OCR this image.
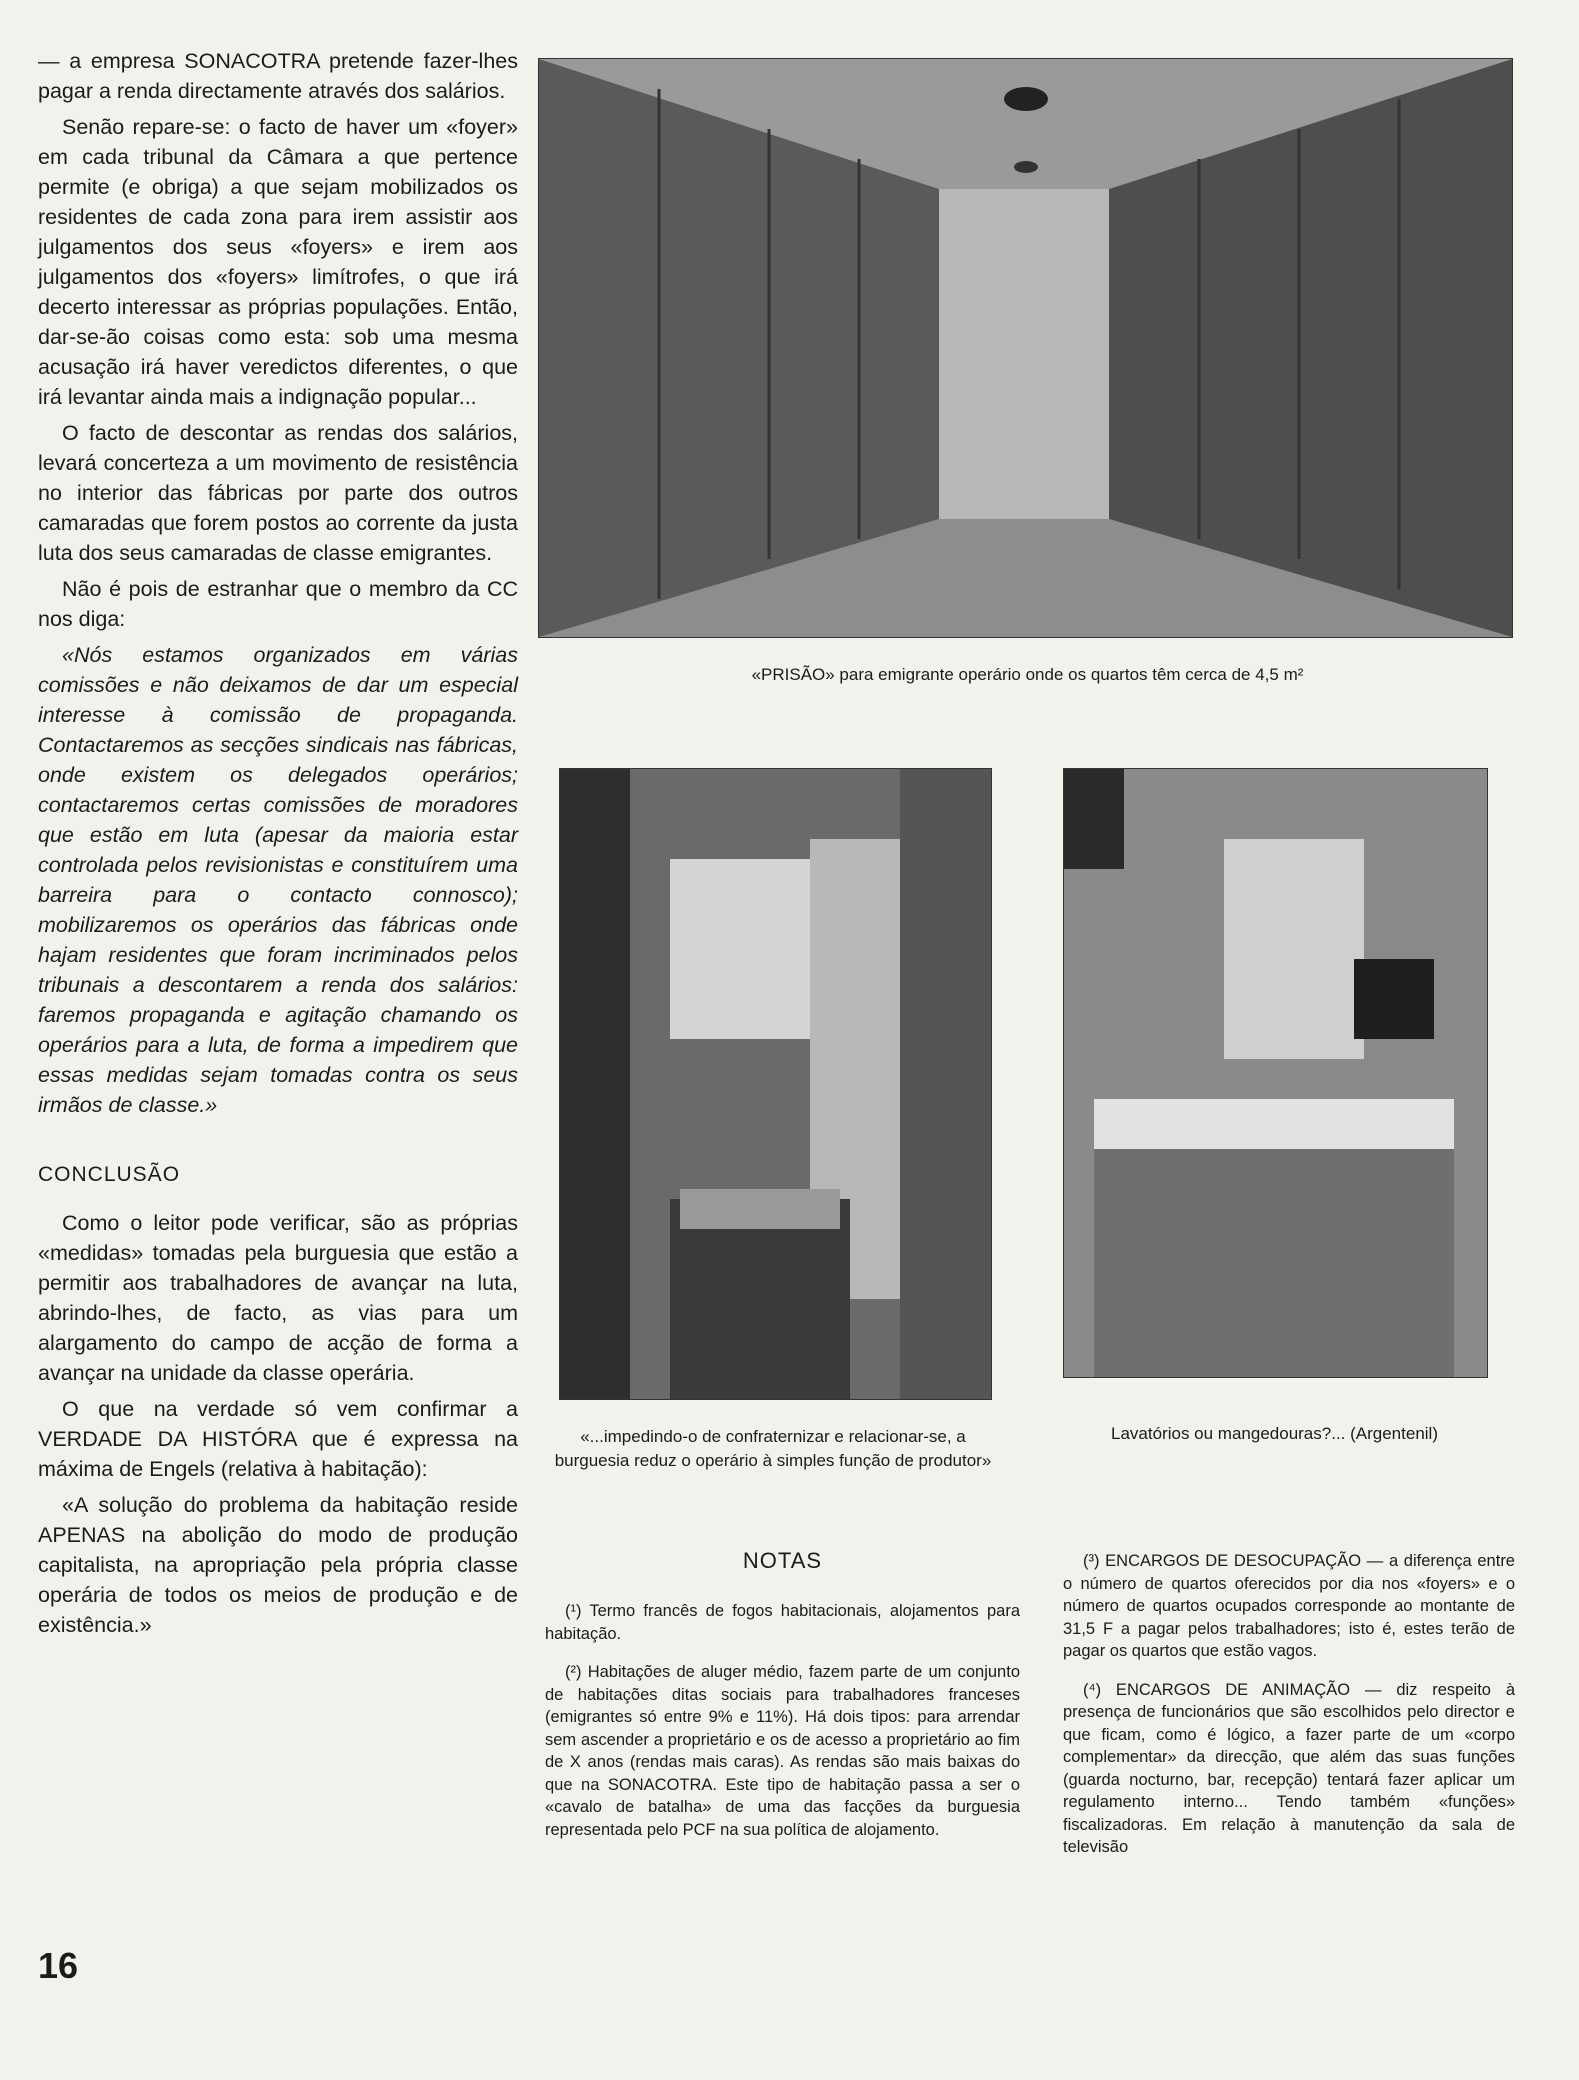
— a empresa SONACOTRA pretende fazer-lhes pagar a renda directamente através dos salários.

Senão repare-se: o facto de haver um «foyer» em cada tribunal da Câmara a que pertence permite (e obriga) a que sejam mobilizados os residentes de cada zona para irem assistir aos julgamentos dos seus «foyers» e irem aos julgamentos dos «foyers» limítrofes, o que irá decerto interessar as próprias populações. Então, dar-se-ão coisas como esta: sob uma mesma acusação irá haver veredictos diferentes, o que irá levantar ainda mais a indignação popular...

O facto de descontar as rendas dos salários, levará concerteza a um movimento de resistência no interior das fábricas por parte dos outros camaradas que forem postos ao corrente da justa luta dos seus camaradas de classe emigrantes.

Não é pois de estranhar que o membro da CC nos diga:

«Nós estamos organizados em várias comissões e não deixamos de dar um especial interesse à comissão de propaganda. Contactaremos as secções sindicais nas fábricas, onde existem os delegados operários; contactaremos certas comissões de moradores que estão em luta (apesar da maioria estar controlada pelos revisionistas e constituírem uma barreira para o contacto connosco); mobilizaremos os operários das fábricas onde hajam residentes que foram incriminados pelos tribunais a descontarem a renda dos salários: faremos propaganda e agitação chamando os operários para a luta, de forma a impedirem que essas medidas sejam tomadas contra os seus irmãos de classe.»

CONCLUSÃO

Como o leitor pode verificar, são as próprias «medidas» tomadas pela burguesia que estão a permitir aos trabalhadores de avançar na luta, abrindo-lhes, de facto, as vias para um alargamento do campo de acção de forma a avançar na unidade da classe operária.

O que na verdade só vem confirmar a VERDADE DA HISTÓRA que é expressa na máxima de Engels (relativa à habitação):

«A solução do problema da habitação reside APENAS na abolição do modo de produção capitalista, na apropriação pela própria classe operária de todos os meios de produção e de existência.»

16
«PRISÃO» para emigrante operário onde os quartos têm cerca de 4,5 m²
«...impedindo-o de confraternizar e relacionar-se, a burguesia reduz o operário à simples função de produtor»
Lavatórios ou mangedouras?... (Argentenil)
NOTAS

(¹) Termo francês de fogos habitacionais, alojamentos para habitação.

(²) Habitações de aluger médio, fazem parte de um conjunto de habitações ditas sociais para trabalhadores franceses (emigrantes só entre 9% e 11%). Há dois tipos: para arrendar sem ascender a proprietário e os de acesso a proprietário ao fim de X anos (rendas mais caras). As rendas são mais baixas do que na SONACOTRA. Este tipo de habitação passa a ser o «cavalo de batalha» de uma das facções da burguesia representada pelo PCF na sua política de alojamento.

(³) ENCARGOS DE DESOCUPAÇÃO — a diferença entre o número de quartos oferecidos por dia nos «foyers» e o número de quartos ocupados corresponde ao montante de 31,5 F a pagar pelos trabalhadores; isto é, estes terão de pagar os quartos que estão vagos.

(⁴) ENCARGOS DE ANIMAÇÃO — diz respeito à presença de funcionários que são escolhidos pelo director e que ficam, como é lógico, a fazer parte de um «corpo complementar» da direcção, que além das suas funções (guarda nocturno, bar, recepção) tentará fazer aplicar um regulamento interno... Tendo também «funções» fiscalizadoras. Em relação à manutenção da sala de televisão
